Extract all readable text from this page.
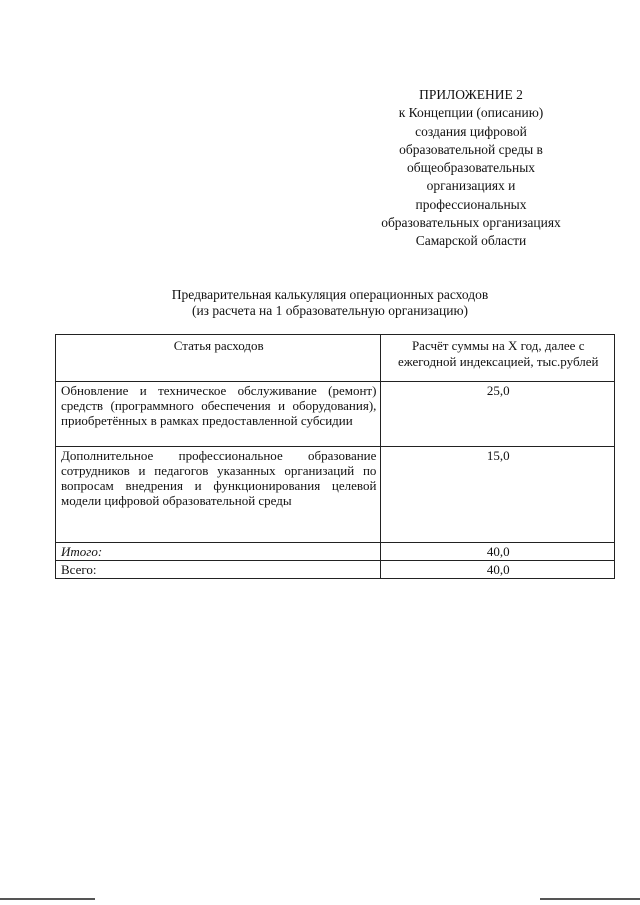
ПРИЛОЖЕНИЕ 2
к Концепции (описанию)
создания цифровой
образовательной среды в
общеобразовательных
организациях и
профессиональных
образовательных организациях
Самарской области
Предварительная калькуляция операционных расходов
(из расчета на 1 образовательную организацию)
Статья расходов	Расчёт суммы на Х год, далее с ежегодной индексацией, тыс.рублей
Обновление и техническое обслуживание (ремонт) средств (программного обеспечения и оборудования), приобретённых в рамках предоставленной субсидии	25,0
Дополнительное профессиональное образование сотрудников и педагогов указанных организаций по вопросам внедрения и функционирования целевой модели цифровой образовательной среды	15,0
Итого:	40,0
Всего:	40,0
